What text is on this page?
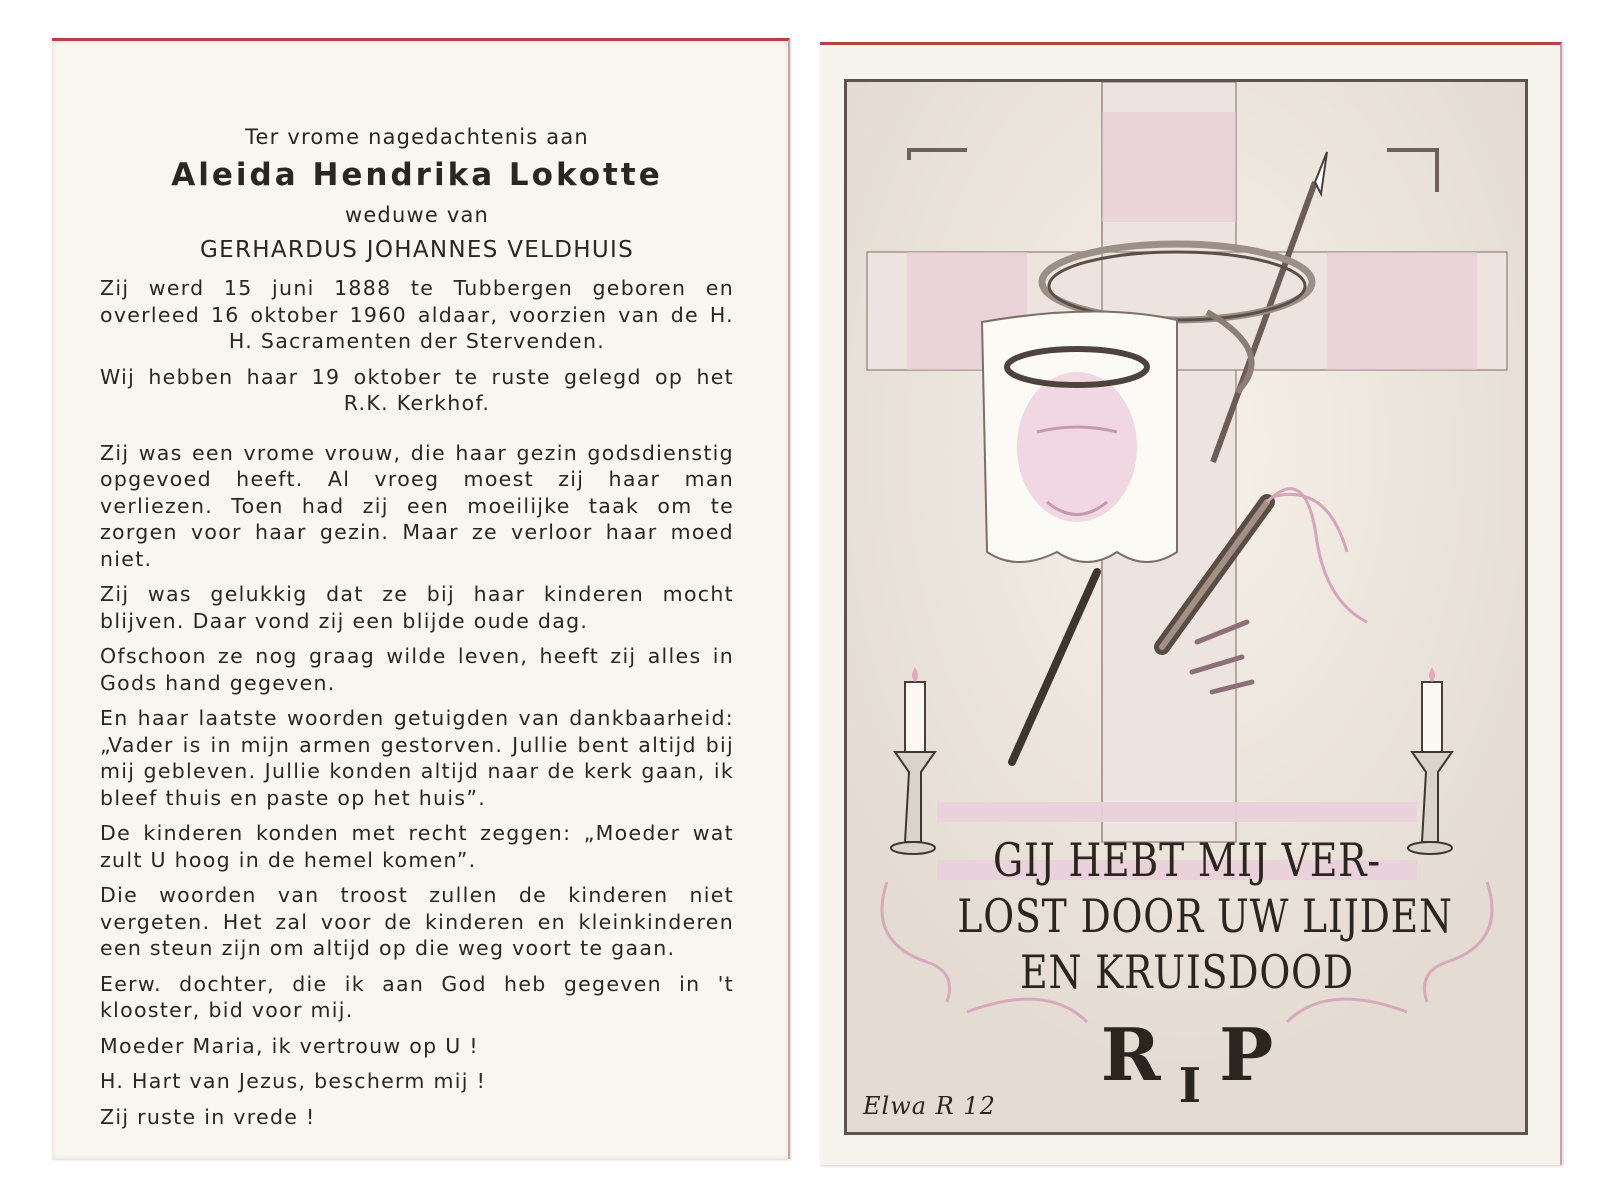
Ter vrome nagedachtenis aan

Aleida Hendrika Lokotte

weduwe van

GERHARDUS JOHANNES VELDHUIS

Zij werd 15 juni 1888 te Tubbergen geboren en overleed 16 oktober 1960 aldaar, voorzien van de H. H. Sacramenten der Stervenden.

Wij hebben haar 19 oktober te ruste gelegd op het R.K. Kerkhof.

Zij was een vrome vrouw, die haar gezin godsdienstig opgevoed heeft. Al vroeg moest zij haar man verliezen. Toen had zij een moeilijke taak om te zorgen voor haar gezin. Maar ze verloor haar moed niet.

Zij was gelukkig dat ze bij haar kinderen mocht blijven. Daar vond zij een blijde oude dag.

Ofschoon ze nog graag wilde leven, heeft zij alles in Gods hand gegeven.

En haar laatste woorden getuigden van dankbaarheid: „Vader is in mijn armen gestorven. Jullie bent altijd bij mij gebleven. Jullie konden altijd naar de kerk gaan, ik bleef thuis en paste op het huis”.

De kinderen konden met recht zeggen: „Moeder wat zult U hoog in de hemel komen”.

Die woorden van troost zullen de kinderen niet vergeten. Het zal voor de kinderen en kleinkinderen een steun zijn om altijd op die weg voort te gaan.

Eerw. dochter, die ik aan God heb gegeven in 't klooster, bid voor mij.

Moeder Maria, ik vertrouw op U !

H. Hart van Jezus, bescherm mij !

Zij ruste in vrede !

GIJ HEBT MIJ VER-
LOST DOOR UW LIJDEN
EN KRUISDOOD
R I P
Elwa R 12
